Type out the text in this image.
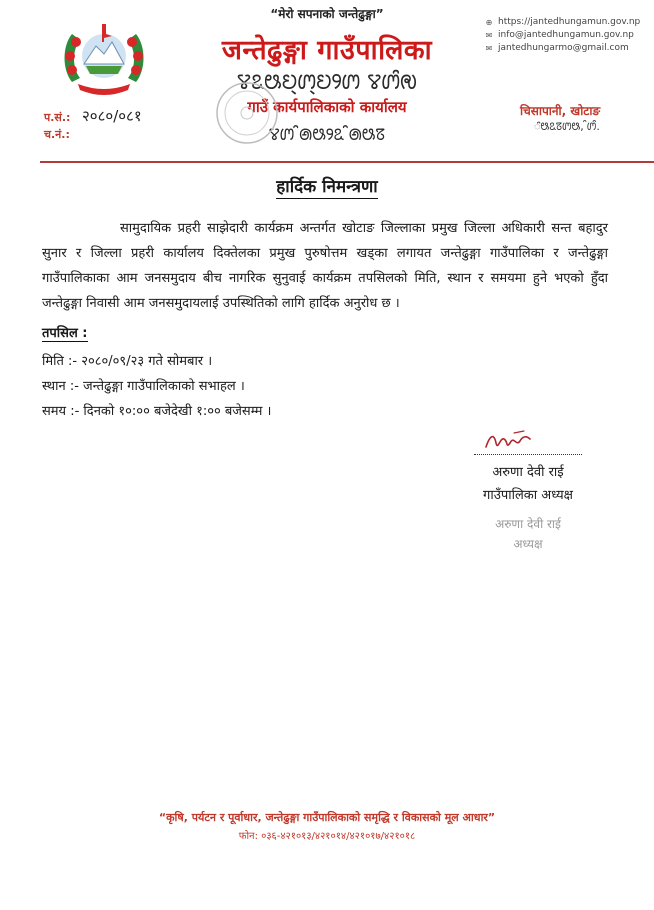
“मेरो सपनाको जन्तेढुङ्गा”
जन्तेढुङ्गा गाउँपालिका
ꢮꢣꢰꢤ꣄ꢩ꣄ꢤꢾꢩ ꢮꢩꢶꢯ
गाउँ कार्यपालिकाको कार्यालय
ꢮꢩ ꢶꢠꢰꢾꢣ ꢶꢠꢰꢿ
⊕ https://jantedhungamun.gov.np
✉ info@jantedhungamun.gov.np
✉ jantedhungarmo@gmail.com
चिसापानी, खोटाङ
ꢶꢰꢣꢿꢩꢰ, ꢶꢩꢶ.
प.सं.: २०८०/०८१
च.नं.:
हार्दिक निमन्त्रणा
सामुदायिक प्रहरी साझेदारी कार्यक्रम अन्तर्गत खोटाङ जिल्लाका प्रमुख जिल्ला अधिकारी सन्त बहादुर सुनार र जिल्ला प्रहरी कार्यालय दिक्तेलका प्रमुख पुरुषोत्तम खड्का लगायत जन्तेढुङ्गा गाउँपालिका र जन्तेढुङ्गा गाउँपालिकाका आम जनसमुदाय बीच नागरिक सुनुवाई कार्यक्रम तपसिलको मिति, स्थान र समयमा हुने भएको हुँदा जन्तेढुङ्गा निवासी आम जनसमुदायलाई उपस्थितिको लागि हार्दिक अनुरोध छ ।
तपसिल :
मिति :- २०८०/०९/२३ गते सोमबार ।
स्थान :- जन्तेढुङ्गा गाउँपालिकाको सभाहल ।
समय :- दिनको १०:०० बजेदेखी १:०० बजेसम्म ।
अरुणा देवी राई
गाउँपालिका अध्यक्ष
अरुणा देवी राई
अध्यक्ष
“कृषि, पर्यटन र पूर्वाधार, जन्तेढुङ्गा गाउँपालिकाको समृद्धि र विकासको मूल आधार”
फोन: ०३६-४२१०१३/४२१०१४/४२१०१७/४२१०१८
